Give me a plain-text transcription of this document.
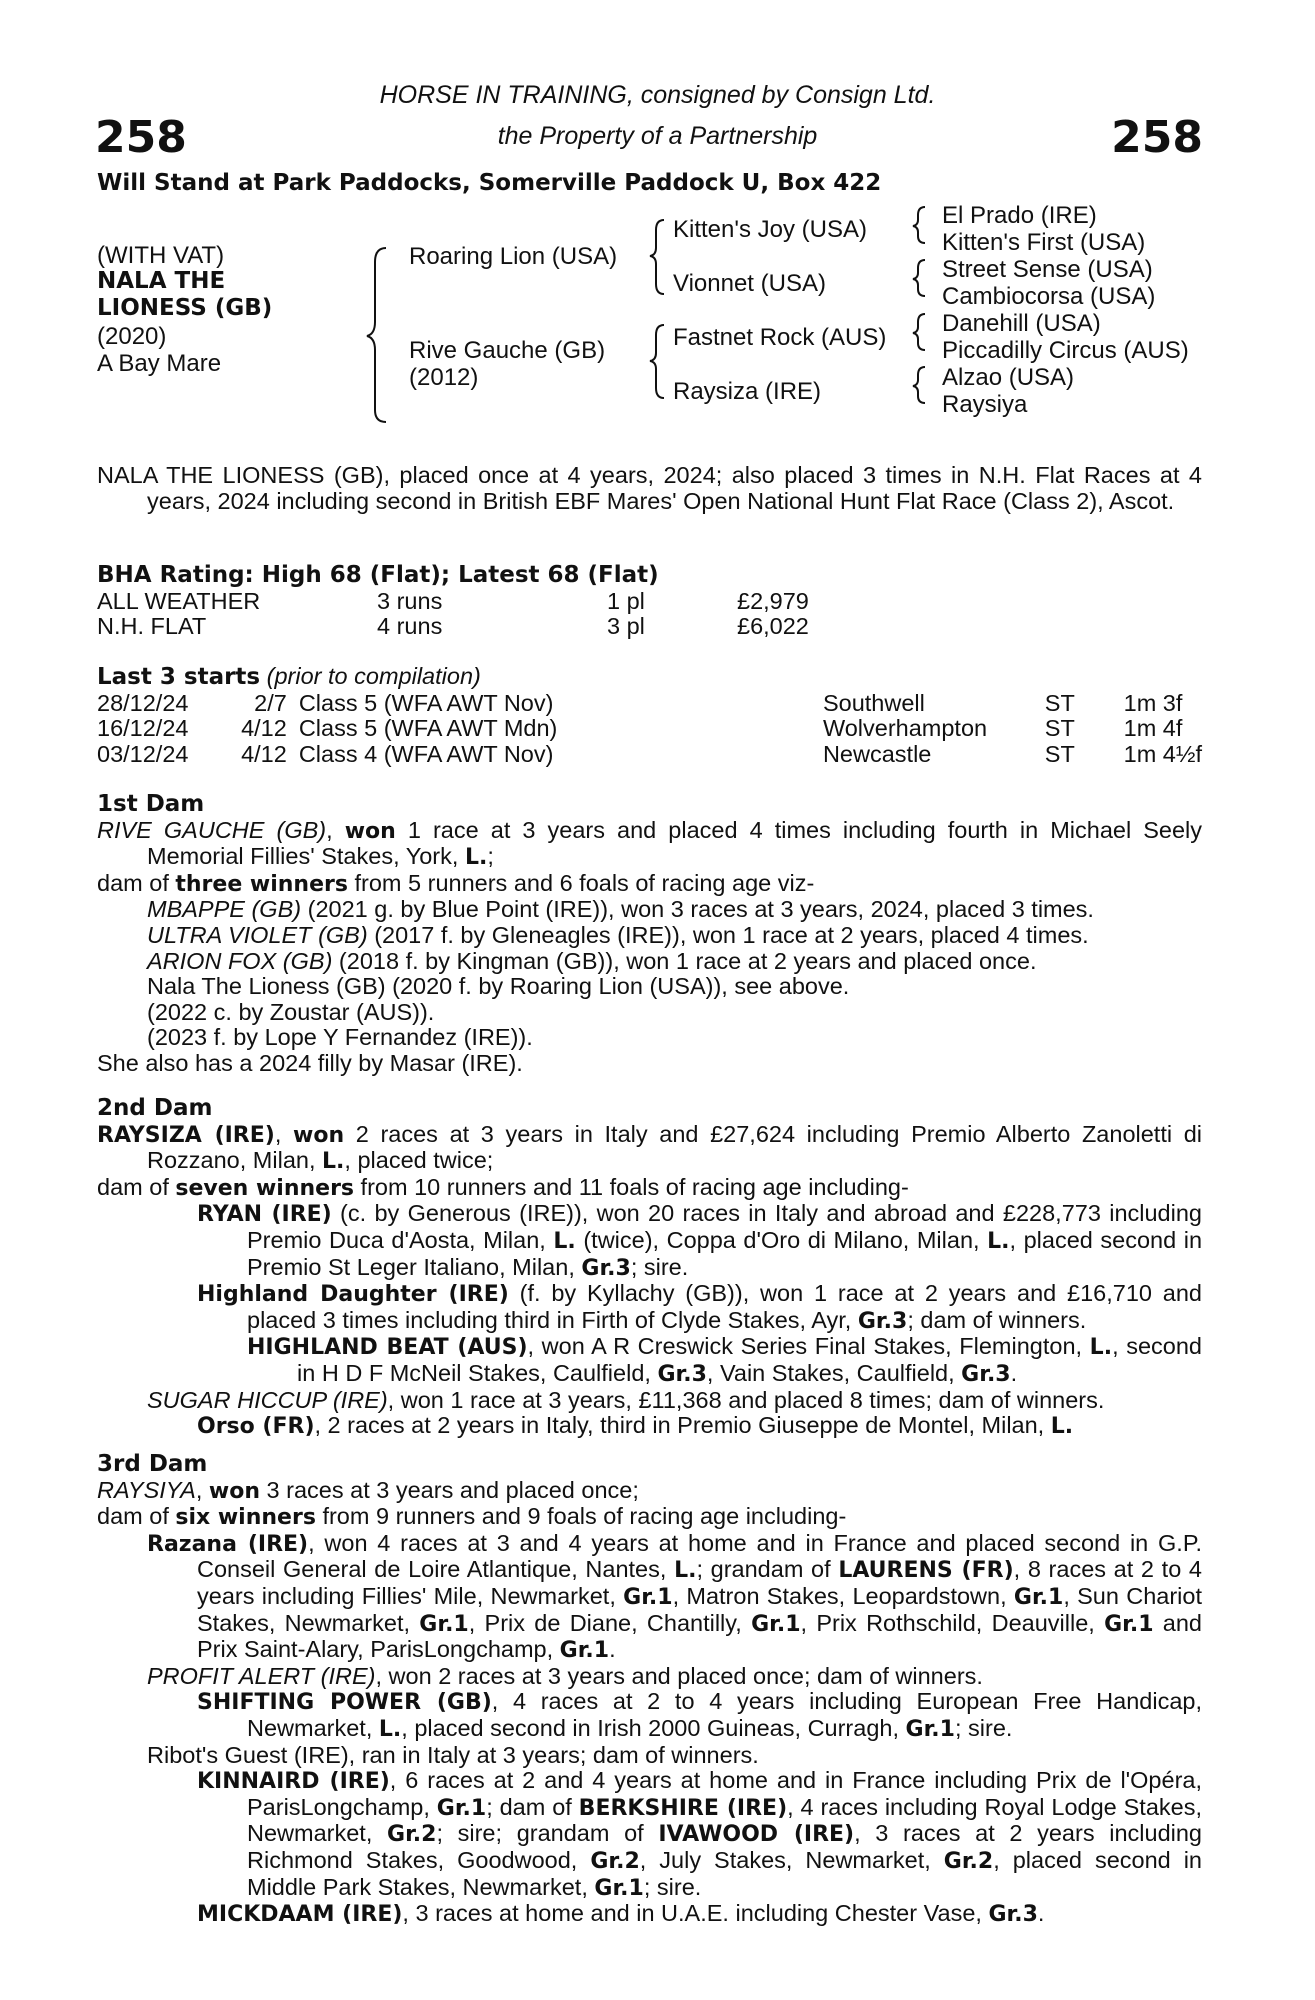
258	258
HORSE IN TRAINING, consigned by Consign Ltd.
the Property of a Partnership
Will Stand at Park Paddocks, Somerville Paddock U, Box 422
(WITH VAT)
NALA THE
LIONESS (GB)
(2020)
A Bay Mare
Roaring Lion (USA)
Rive Gauche (GB)
(2012)
Kitten's Joy (USA)
Vionnet (USA)
Fastnet Rock (AUS)
Raysiza (IRE)
El Prado (IRE)
Kitten's First (USA)
Street Sense (USA)
Cambiocorsa (USA)
Danehill (USA)
Piccadilly Circus (AUS)
Alzao (USA)
Raysiya

NALA THE LIONESS (GB), placed once at 4 years, 2024; also placed 3 times in N.H. Flat Races at 4 years, 2024 including second in British EBF Mares' Open National Hunt Flat Race (Class 2), Ascot.

BHA Rating: High 68 (Flat); Latest 68 (Flat)
ALL WEATHER	3 runs	1 pl	£2,979
N.H. FLAT	4 runs	3 pl	£6,022
Last 3 starts (prior to compilation)
28/12/24	2/7	Class 5 (WFA AWT Nov)	Southwell	ST	1m 3f
16/12/24	4/12	Class 5 (WFA AWT Mdn)	Wolverhampton	ST	1m 4f
03/12/24	4/12	Class 4 (WFA AWT Nov)	Newcastle	ST	1m 4½f
1st Dam

RIVE GAUCHE (GB), won 1 race at 3 years and placed 4 times including fourth in Michael Seely Memorial Fillies' Stakes, York, L.;

dam of three winners from 5 runners and 6 foals of racing age viz-

MBAPPE (GB) (2021 g. by Blue Point (IRE)), won 3 races at 3 years, 2024, placed 3 times.

ULTRA VIOLET (GB) (2017 f. by Gleneagles (IRE)), won 1 race at 2 years, placed 4 times.

ARION FOX (GB) (2018 f. by Kingman (GB)), won 1 race at 2 years and placed once.

Nala The Lioness (GB) (2020 f. by Roaring Lion (USA)), see above.

(2022 c. by Zoustar (AUS)).

(2023 f. by Lope Y Fernandez (IRE)).

She also has a 2024 filly by Masar (IRE).

2nd Dam

RAYSIZA (IRE), won 2 races at 3 years in Italy and £27,624 including Premio Alberto Zanoletti di Rozzano, Milan, L., placed twice;

dam of seven winners from 10 runners and 11 foals of racing age including-

RYAN (IRE) (c. by Generous (IRE)), won 20 races in Italy and abroad and £228,773 including Premio Duca d'Aosta, Milan, L. (twice), Coppa d'Oro di Milano, Milan, L., placed second in Premio St Leger Italiano, Milan, Gr.3; sire.

Highland Daughter (IRE) (f. by Kyllachy (GB)), won 1 race at 2 years and £16,710 and placed 3 times including third in Firth of Clyde Stakes, Ayr, Gr.3; dam of winners.

HIGHLAND BEAT (AUS), won A R Creswick Series Final Stakes, Flemington, L., second in H D F McNeil Stakes, Caulfield, Gr.3, Vain Stakes, Caulfield, Gr.3.

SUGAR HICCUP (IRE), won 1 race at 3 years, £11,368 and placed 8 times; dam of winners.

Orso (FR), 2 races at 2 years in Italy, third in Premio Giuseppe de Montel, Milan, L.

3rd Dam

RAYSIYA, won 3 races at 3 years and placed once;

dam of six winners from 9 runners and 9 foals of racing age including-

Razana (IRE), won 4 races at 3 and 4 years at home and in France and placed second in G.P. Conseil General de Loire Atlantique, Nantes, L.; grandam of LAURENS (FR), 8 races at 2 to 4 years including Fillies' Mile, Newmarket, Gr.1, Matron Stakes, Leopardstown, Gr.1, Sun Chariot Stakes, Newmarket, Gr.1, Prix de Diane, Chantilly, Gr.1, Prix Rothschild, Deauville, Gr.1 and Prix Saint-Alary, ParisLongchamp, Gr.1.

PROFIT ALERT (IRE), won 2 races at 3 years and placed once; dam of winners.

SHIFTING POWER (GB), 4 races at 2 to 4 years including European Free Handicap, Newmarket, L., placed second in Irish 2000 Guineas, Curragh, Gr.1; sire.

Ribot's Guest (IRE), ran in Italy at 3 years; dam of winners.

KINNAIRD (IRE), 6 races at 2 and 4 years at home and in France including Prix de l'Opéra, ParisLongchamp, Gr.1; dam of BERKSHIRE (IRE), 4 races including Royal Lodge Stakes, Newmarket, Gr.2; sire; grandam of IVAWOOD (IRE), 3 races at 2 years including Richmond Stakes, Goodwood, Gr.2, July Stakes, Newmarket, Gr.2, placed second in Middle Park Stakes, Newmarket, Gr.1; sire.

MICKDAAM (IRE), 3 races at home and in U.A.E. including Chester Vase, Gr.3.
